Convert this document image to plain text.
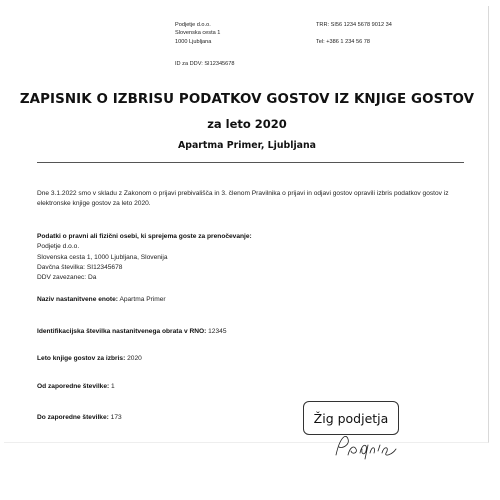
Podjetje d.o.o.
Slovenska cesta 1
1000 Ljubljana
TRR: SI56 1234 5678 9012 34
Tel: +386 1 234 56 78
ID za DDV: SI12345678
ZAPISNIK O IZBRISU PODATKOV GOSTOV IZ KNJIGE GOSTOV
za leto 2020
Apartma Primer, Ljubljana
Dne 3.1.2022 smo v skladu z Zakonom o prijavi prebivališča in 3. členom Pravilnika o prijavi in odjavi gostov opravili izbris podatkov gostov iz elektronske knjige gostov za leto 2020.
Podatki o pravni ali fizični osebi, ki sprejema goste za prenočevanje:
Podjetje d.o.o.
Slovenska cesta 1, 1000 Ljubljana, Slovenija
Davčna številka: SI12345678
DDV zavezanec: Da
Naziv nastanitvene enote: Apartma Primer
Identifikacijska številka nastanitvenega obrata v RNO: 12345
Leto knjige gostov za izbris: 2020
Od zaporedne številke: 1
Do zaporedne številke: 173	Žig podjetja
